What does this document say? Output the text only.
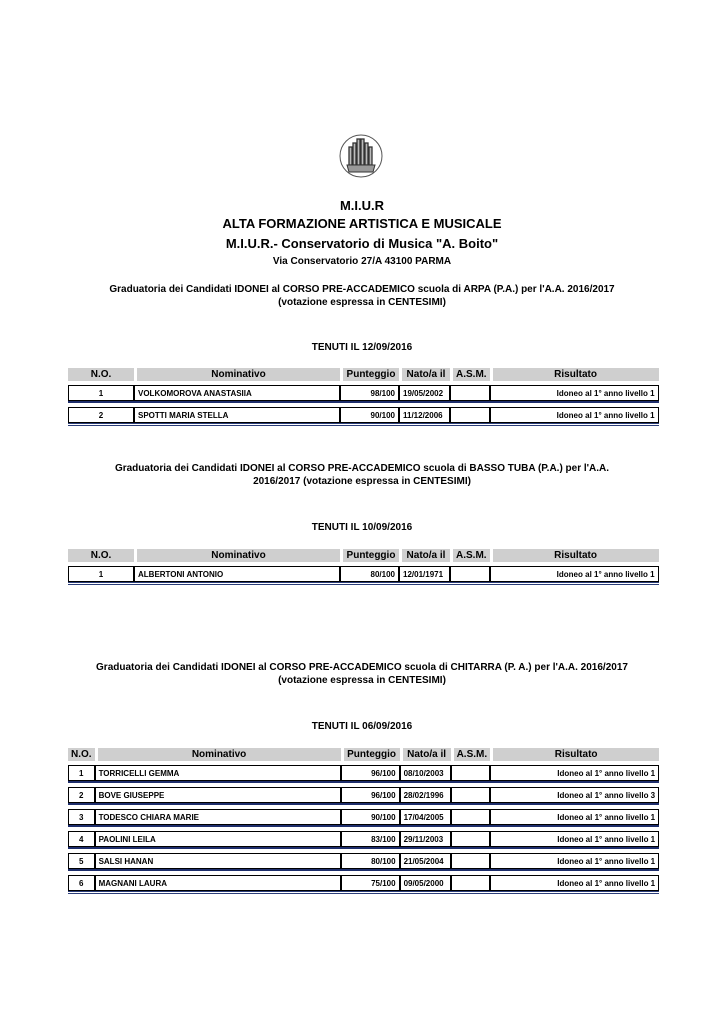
M.I.U.R

ALTA FORMAZIONE ARTISTICA E MUSICALE

M.I.U.R.- Conservatorio di Musica "A. Boito"

Via Conservatorio 27/A 43100 PARMA

Graduatoria dei Candidati IDONEI al CORSO PRE-ACCADEMICO scuola di ARPA (P.A.) per l'A.A. 2016/2017
(votazione espressa in CENTESIMI)

TENUTI IL 12/09/2016

N.O.	Nominativo	Punteggio	Nato/a il	A.S.M.	Risultato

1	VOLKOMOROVA ANASTASIIA	98/100	19/05/2002		Idoneo al 1° anno livello 1

2	SPOTTI MARIA STELLA	90/100	11/12/2006		Idoneo al 1° anno livello 1

Graduatoria dei Candidati IDONEI al CORSO PRE-ACCADEMICO scuola di BASSO TUBA (P.A.) per l'A.A.
2016/2017 (votazione espressa in CENTESIMI)

TENUTI IL 10/09/2016

N.O.	Nominativo	Punteggio	Nato/a il	A.S.M.	Risultato

1	ALBERTONI ANTONIO	80/100	12/01/1971		Idoneo al 1° anno livello 1

Graduatoria dei Candidati IDONEI al CORSO PRE-ACCADEMICO scuola di CHITARRA (P. A.) per l'A.A. 2016/2017
(votazione espressa in CENTESIMI)

TENUTI IL 06/09/2016

N.O.	Nominativo	Punteggio	Nato/a il	A.S.M.	Risultato

1	TORRICELLI GEMMA	96/100	08/10/2003		Idoneo al 1° anno livello 1

2	BOVE GIUSEPPE	96/100	28/02/1996		Idoneo al 1° anno livello 3

3	TODESCO CHIARA MARIE	90/100	17/04/2005		Idoneo al 1° anno livello 1

4	PAOLINI LEILA	83/100	29/11/2003		Idoneo al 1° anno livello 1

5	SALSI HANAN	80/100	21/05/2004		Idoneo al 1° anno livello 1

6	MAGNANI LAURA	75/100	09/05/2000		Idoneo al 1° anno livello 1
